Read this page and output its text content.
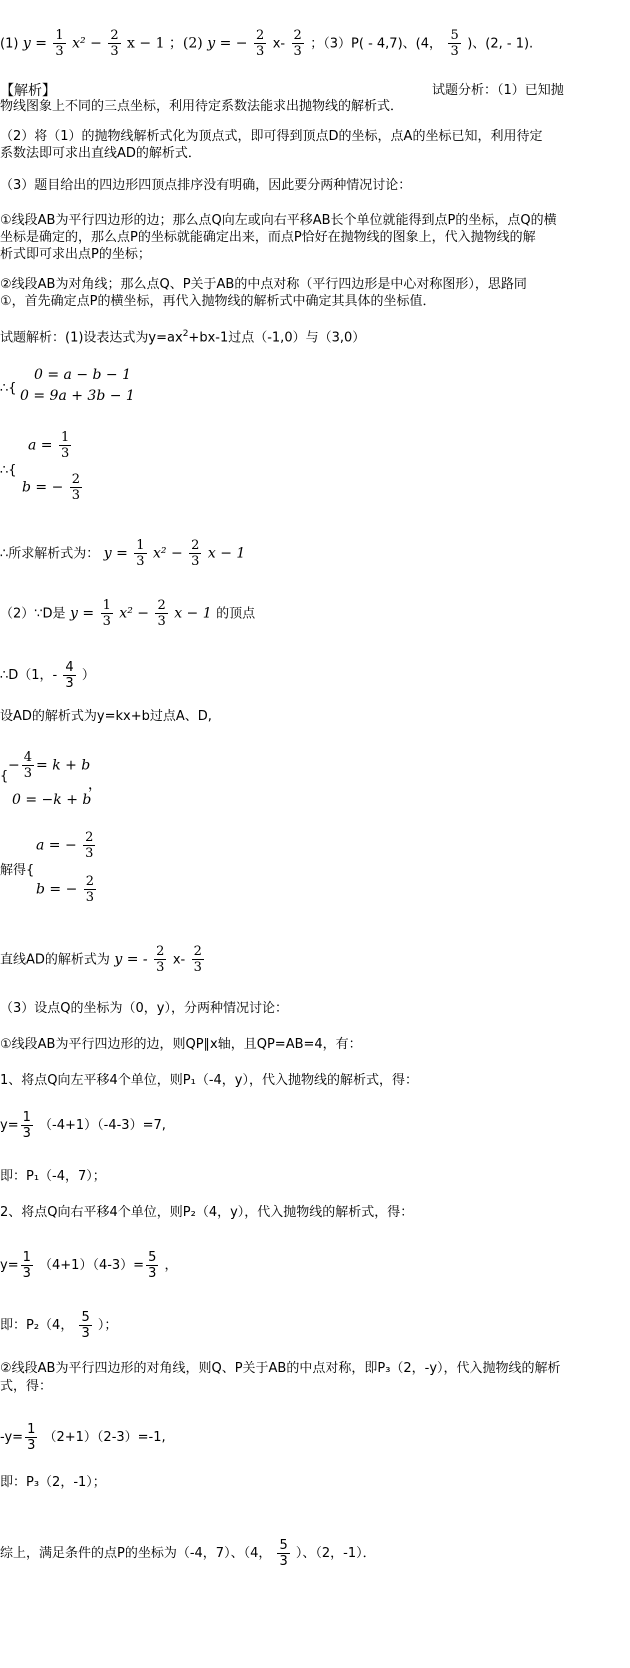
(1) $y = \frac{1}{3} x^2 - \frac{2}{3}$ x − 1 ；(2) y = − $\frac{2}{3} x- \frac{2}{3}$ ；（3）P( - 4,7)、(4， $\frac{5}{3}$ )、(2, - 1).
【解析】	试题分析：（1）已知抛
物线图象上不同的三点坐标，利用待定系数法能求出抛物线的解析式．
（2）将（1）的抛物线解析式化为顶点式，即可得到顶点D的坐标，点A的坐标已知，利用待定
系数法即可求出直线AD的解析式．
（3）题目给出的四边形四顶点排序没有明确，因此要分两种情况讨论：
①线段AB为平行四边形的边；那么点Q向左或向右平移AB长个单位就能得到点P的坐标，点Q的横
坐标是确定的，那么点P的坐标就能确定出来，而点P恰好在抛物线的图象上，代入抛物线的解
析式即可求出点P的坐标；
②线段AB为对角线；那么点Q、P关于AB的中点对称（平行四边形是中心对称图形），思路同
①，首先确定点P的横坐标，再代入抛物线的解析式中确定其具体的坐标值．
试题解析：(1)设表达式为$y=ax^2+bx-1$过点（-1,0）与（3,0）
∴{
0 = a − b − 1
0 = 9a + 3b − 1
∴{
$a = \frac{1}{3}$
b = − $\frac{2}{3}$
∴所求解析式为： $y = \frac{1}{3} x^2 - \frac{2}{3}$ x − 1
（2）∵D是 $y = \frac{1}{3} x^2 - \frac{2}{3}$ x − 1 的顶点
∴D（1，- $\frac{4}{3}$ ）
设AD的解析式为y=kx+b过点A、D,
{
− $\frac{4}{3} = k + b$
，
0 = −k + b
解得{
a = − $\frac{2}{3}$
b = − $\frac{2}{3}$
直线AD的解析式为 y = - $\frac{2}{3} x- \frac{2}{3}$
（3）设点Q的坐标为（0，y），分两种情况讨论：
①线段AB为平行四边形的边，则QP∥x轴，且QP=AB=4，有：
1、将点Q向左平移4个单位，则P₁（-4，y），代入抛物线的解析式，得：
$y= \frac{1}{3} (-4+1)(-4-3)=7$,
即：P₁（-4，7）；
2、将点Q向右平移4个单位，则P₂（4，y），代入抛物线的解析式，得：
$y= \frac{1}{3} (4+1)(4-3)= \frac{5}{3}$ ，
即：P₂（4， $\frac{5}{3}$ ）；
②线段AB为平行四边形的对角线，则Q、P关于AB的中点对称，即P₃（2，-y），代入抛物线的解析
式，得：
$-y= \frac{1}{3} (2+1)(2-3)=-1$,
即：P₃（2，-1）；
综上，满足条件的点P的坐标为（-4，7）、（4， $\frac{5}{3}$ ）、（2，-1）．
